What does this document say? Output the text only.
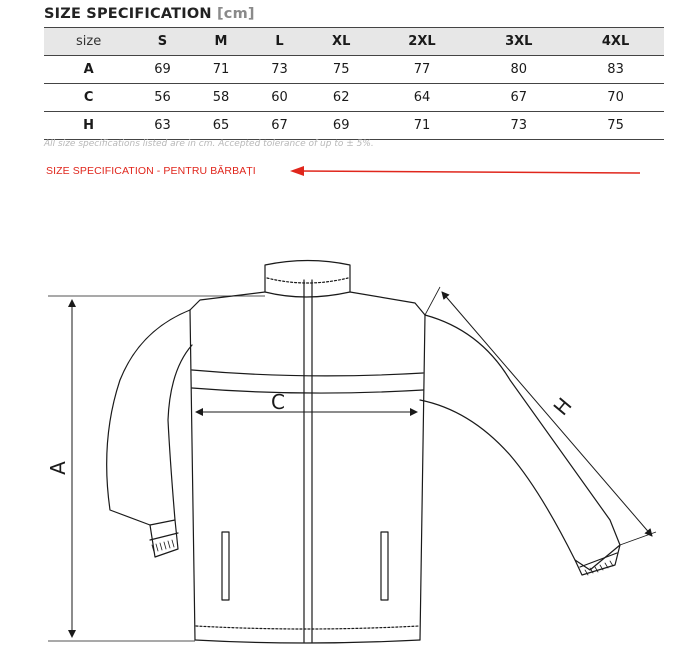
SIZE SPECIFICATION [cm]
size	S	M	L	XL	2XL	3XL	4XL
A	69	71	73	75	77	80	83
C	56	58	60	62	64	67	70
H	63	65	67	69	71	73	75
All size specifications listed are in cm. Accepted tolerance of up to ± 5%.
SIZE SPECIFICATION - PENTRU BĂRBAȚI
A
C	H
